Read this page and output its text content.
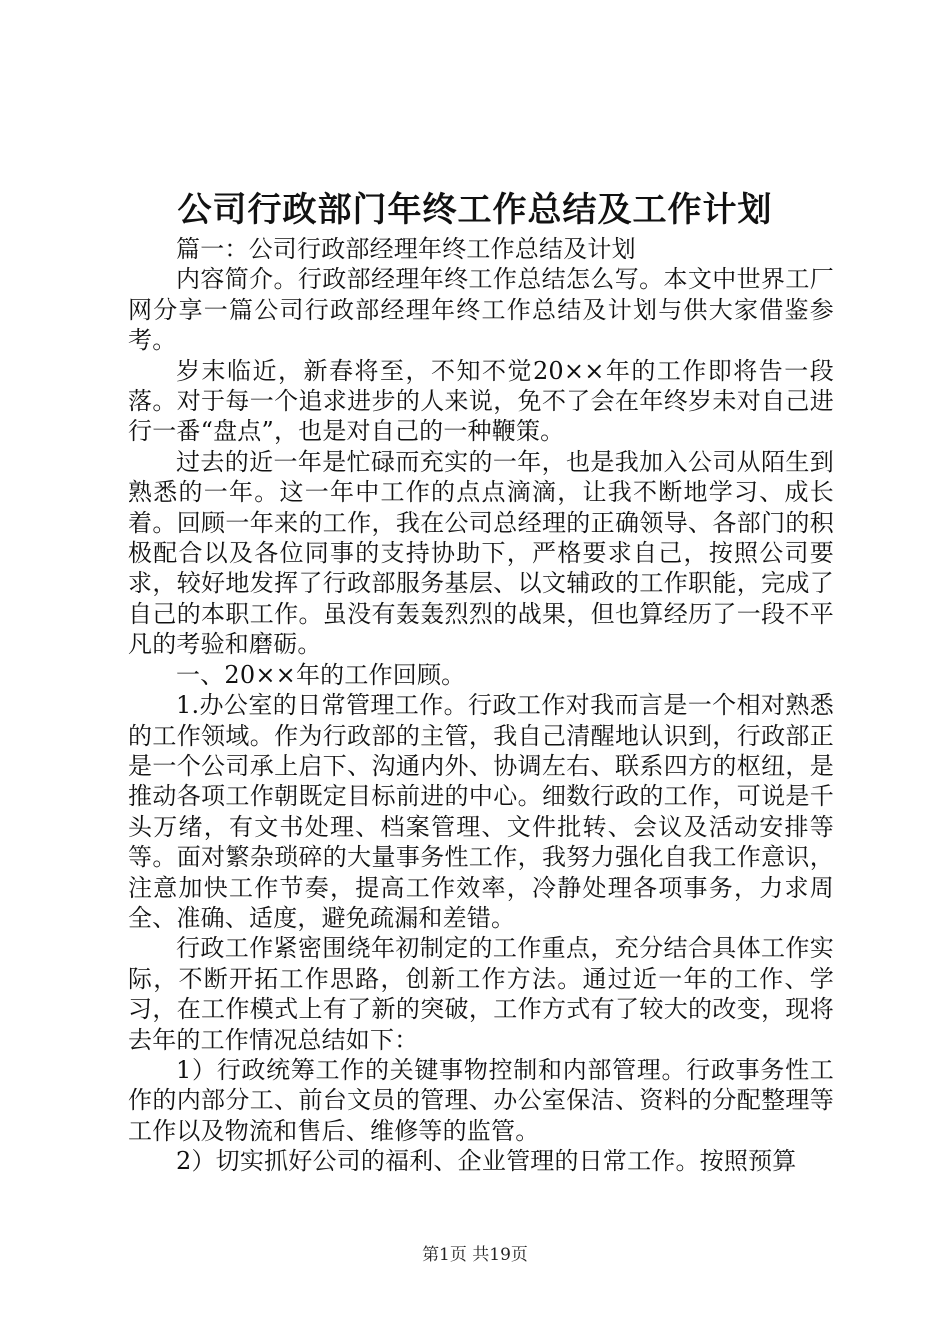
公司行政部门年终工作总结及工作计划

篇一：公司行政部经理年终工作总结及计划

内容简介。行政部经理年终工作总结怎么写。本文中世界工厂网分享一篇公司行政部经理年终工作总结及计划与供大家借鉴参考。

岁末临近，新春将至，不知不觉20××年的工作即将告一段落。对于每一个追求进步的人来说，免不了会在年终岁未对自己进行一番“盘点”，也是对自己的一种鞭策。

过去的近一年是忙碌而充实的一年，也是我加入公司从陌生到熟悉的一年。这一年中工作的点点滴滴，让我不断地学习、成长着。回顾一年来的工作，我在公司总经理的正确领导、各部门的积极配合以及各位同事的支持协助下，严格要求自己，按照公司要求，较好地发挥了行政部服务基层、以文辅政的工作职能，完成了自己的本职工作。虽没有轰轰烈烈的战果，但也算经历了一段不平凡的考验和磨砺。

一、20××年的工作回顾。

1.办公室的日常管理工作。行政工作对我而言是一个相对熟悉的工作领域。作为行政部的主管，我自己清醒地认识到，行政部正是一个公司承上启下、沟通内外、协调左右、联系四方的枢纽，是推动各项工作朝既定目标前进的中心。细数行政的工作，可说是千头万绪，有文书处理、档案管理、文件批转、会议及活动安排等等。面对繁杂琐碎的大量事务性工作，我努力强化自我工作意识，注意加快工作节奏，提高工作效率，冷静处理各项事务，力求周全、准确、适度，避免疏漏和差错。

行政工作紧密围绕年初制定的工作重点，充分结合具体工作实际，不断开拓工作思路，创新工作方法。通过近一年的工作、学习，在工作模式上有了新的突破，工作方式有了较大的改变，现将去年的工作情况总结如下：

1）行政统筹工作的关键事物控制和内部管理。行政事务性工作的内部分工、前台文员的管理、办公室保洁、资料的分配整理等工作以及物流和售后、维修等的监管。

2）切实抓好公司的福利、企业管理的日常工作。按照预算

第1页 共19页
